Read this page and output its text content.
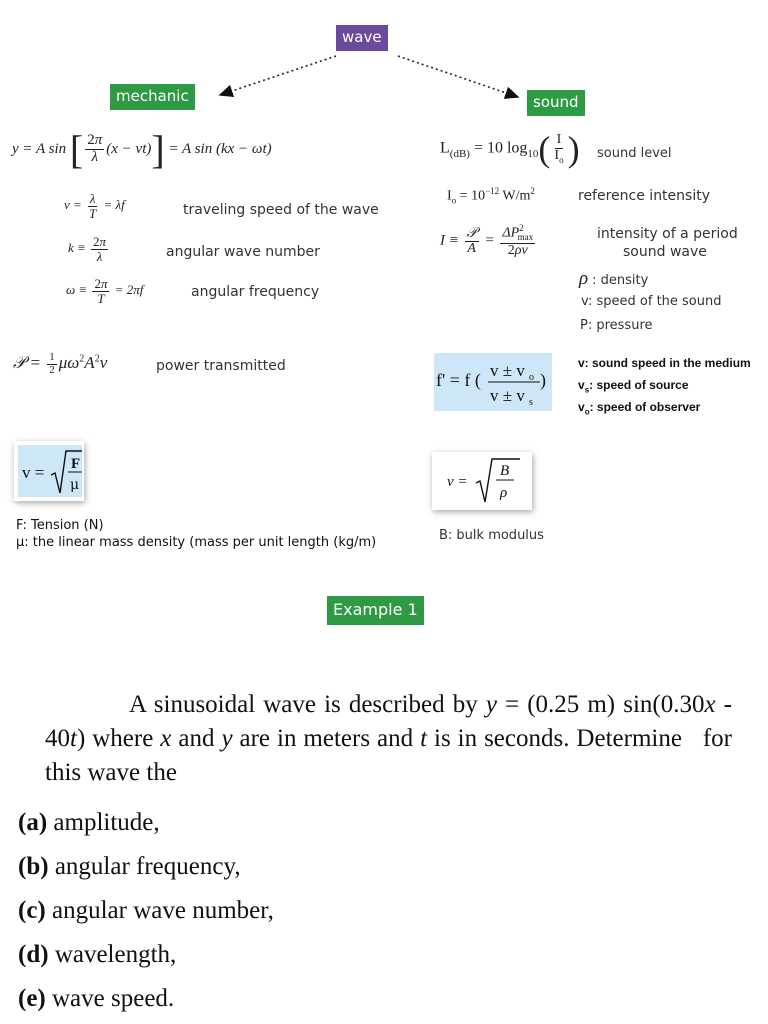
wave
mechanic	sound
y = A sin [ $\frac{2\pi}{\lambda} (x - vt)] = A$ sin (kx − ωt)
$v = \frac{\lambda}{T} = \lambda f$	traveling speed of the wave
$k \equiv \frac{2\pi}{\lambda}$	angular wave number
$\omega \equiv \frac{2\pi}{T} = 2\pi f$	angular frequency
𝒫 = $\frac{1}{2} \mu\omega^2A^2v$	power transmitted
v = F
μ
F: Tension (N)
μ: the linear mass density (mass per unit length (kg/m)
$L_{(dB)} = 10$ $\log_{10}( \frac{I}{I_o}$ ) sound level
$I_o = 10^{-12}$ $W/m^2$	reference intensity
$I \equiv \frac{\text{𝒫}}{A} = \frac{\Delta P^2_{max}}{2\rho v}$	intensity of a period
sound wave
ρ : density
v: speed of the sound
P: pressure
f' = f ( v ± v o
v ± v s
)
v: sound speed in the medium
$v_s$: speed of source
$v_o$: speed of observer
v =
B
ρ
B: bulk modulus
Example 1
A sinusoidal wave is described by y = (0.25 m) sin(0.30x - 40t) where x and y are in meters and t is in seconds. Determine   for this wave the
(a) amplitude,
(b) angular frequency,
(c) angular wave number,
(d) wavelength,
(e) wave speed.
